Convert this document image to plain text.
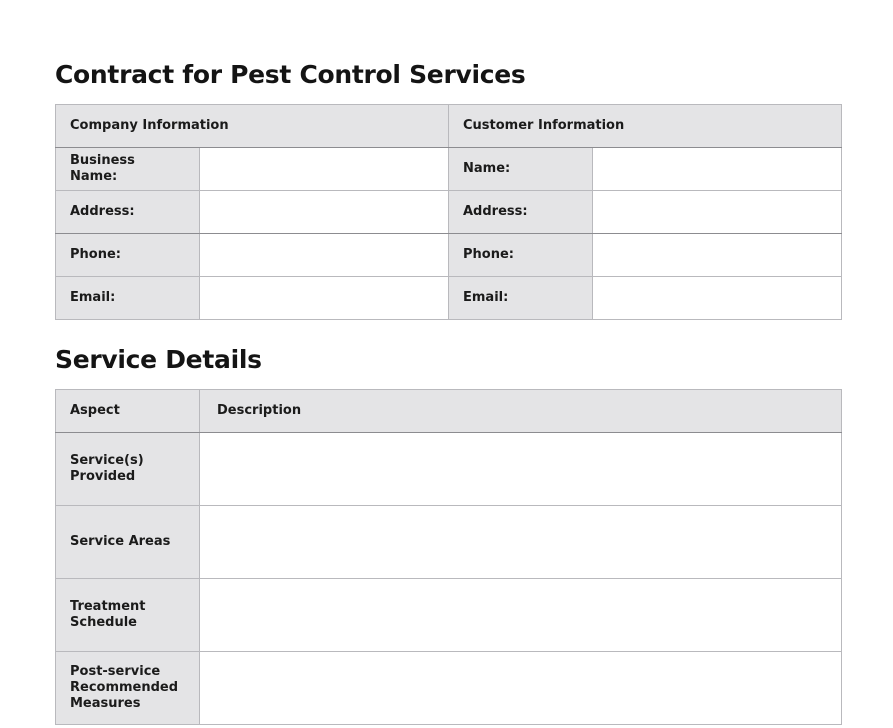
Contract for Pest Control Services
Company Information		Customer Information	
Business Name:		Name:	
Address:		Address:	
Phone:		Phone:	
Email:		Email:	
Service Details
Aspect	Description
Service(s) Provided	
Service Areas	
Treatment Schedule	
Post-service Recommended Measures	
